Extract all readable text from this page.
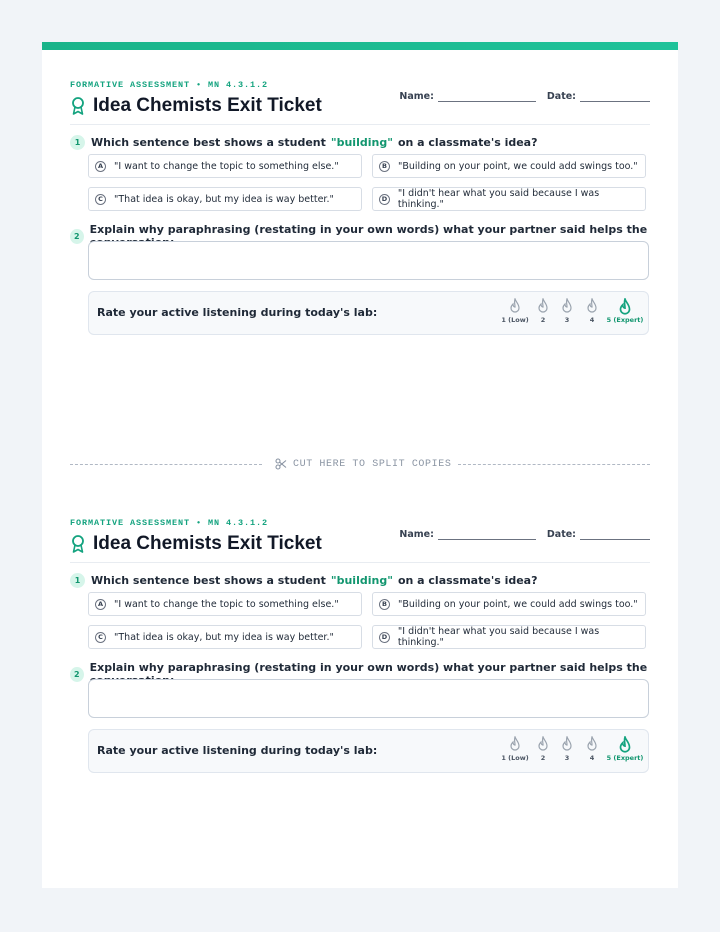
FORMATIVE ASSESSMENT • MN 4.3.1.2
Idea Chemists Exit Ticket	Name:	Date:
1 Which sentence best shows a student "building" on a classmate's idea?
A	"I want to change the topic to something else."	B	"Building on your point, we could add swings too."
C	"That idea is okay, but my idea is way better."	D "I didn't hear what you said because I was thinking."
2 Explain why paraphrasing (restating in your own words) what your partner said helps the
Rate your active listening during today's lab:
1 (Low)	2	3	4	5 (Expert)
CUT HERE TO SPLIT COPIES
FORMATIVE ASSESSMENT • MN 4.3.1.2
Idea Chemists Exit Ticket	Name:	Date:
1 Which sentence best shows a student "building" on a classmate's idea?
A	"I want to change the topic to something else."	B	"Building on your point, we could add swings too."
C	"That idea is okay, but my idea is way better."	D "I didn't hear what you said because I was thinking."
2 Explain why paraphrasing (restating in your own words) what your partner said helps the
Rate your active listening during today's lab:
1 (Low)	2	3	4	5 (Expert)
